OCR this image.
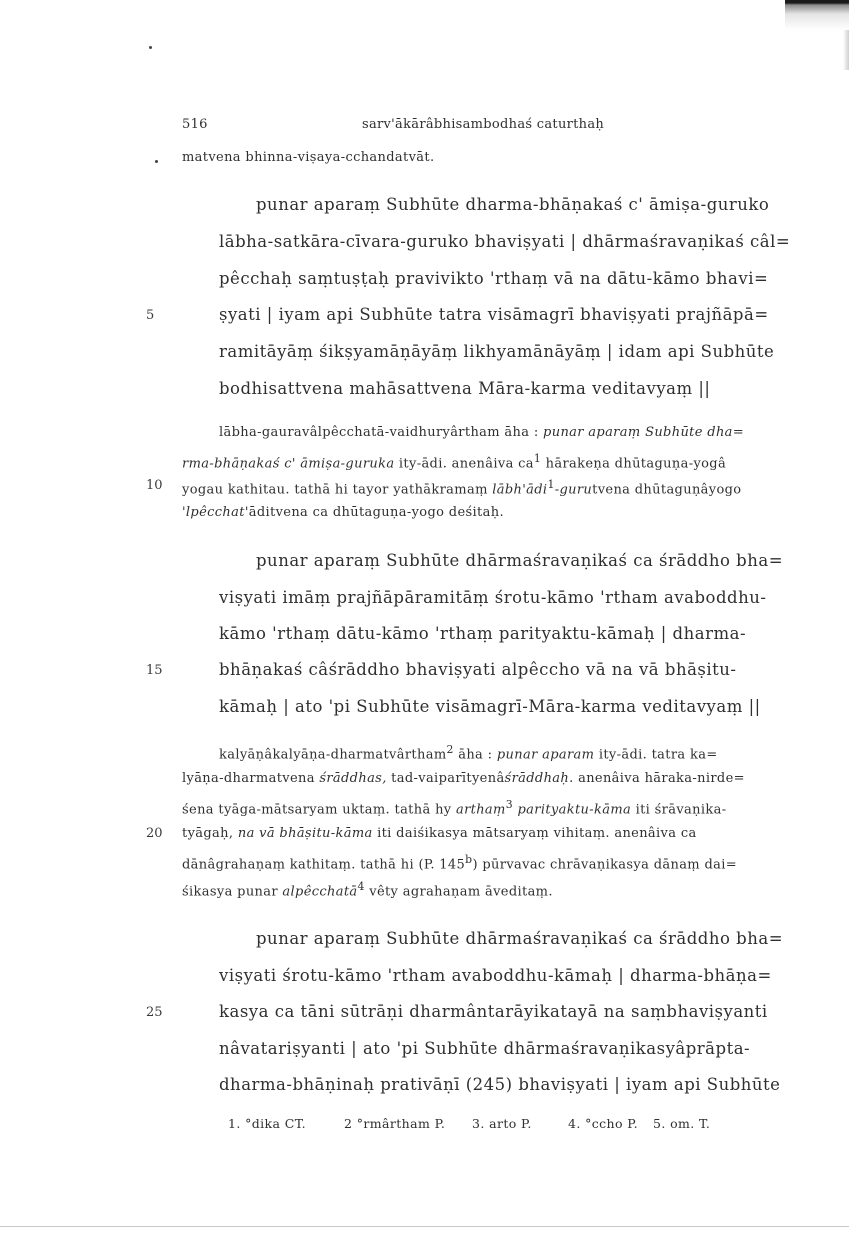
516	sarv'ākārâbhisambodhaś caturthaḥ
matvena bhinna-viṣaya-cchandatvāt.
punar aparaṃ Subhūte dharma-bhāṇakaś c' āmiṣa-guruko
lābha-satkāra-cīvara-guruko bhaviṣyati | dhārmaśravaṇikaś câl=
pêcchaḥ saṃtuṣṭaḥ pravivikto 'rthaṃ vā na dātu-kāmo bhavi=
5	ṣyati | iyam api Subhūte tatra visāmagrī bhaviṣyati prajñāpā=
ramitāyāṃ śikṣyamāṇāyāṃ likhyamānāyāṃ | idam api Subhūte
bodhisattvena mahāsattvena Māra-karma veditavyaṃ ||
lābha-gauravâlpêcchatā-vaidhuryârtham āha : punar aparaṃ Subhūte dha=
rma-bhāṇakaś c' āmiṣa-guruka ity-ādi. anenâiva $ca^1$ hārakeṇa dhūtaguṇa-yogâ
10 yogau kathitau. tathā hi tayor yathākramaṃ lābh'ādi$^1$-gurutvena dhūtaguṇâyogo
'lpêcchat'āditvena ca dhūtaguṇa-yogo deśitaḥ.
punar aparaṃ Subhūte dhārmaśravaṇikaś ca śrāddho bha=
viṣyati imāṃ prajñāpāramitāṃ śrotu-kāmo 'rtham avaboddhu-
kāmo 'rthaṃ dātu-kāmo 'rthaṃ parityaktu-kāmaḥ | dharma-
15	bhāṇakaś câśrāddho bhaviṣyati alpêccho vā na vā bhāṣitu-
kāmaḥ | ato 'pi Subhūte visāmagrī-Māra-karma veditavyaṃ ||
kalyāṇâkalyāṇa-dharmatvârtham$^2$ āha : punar aparam ity-ādi. tatra ka=
lyāṇa-dharmatvena śrāddhas, tad-vaiparītyenâśrāddhaḥ. anenâiva hāraka-nirde=
śena tyāga-mātsaryam uktaṃ. tathā hy arthaṃ$^3$ parityaktu-kāma iti śrāvaṇika-
20 tyāgaḥ, na vā bhāṣitu-kāma iti daiśikasya mātsaryaṃ vihitaṃ. anenâiva ca
dānâgrahaṇaṃ kathitaṃ. tathā hi (P. 145$^b$) pūrvavac chrāvaṇikasya dānaṃ dai=
śikasya punar alpêcchatā$^4$ vêty agrahaṇam āveditaṃ.
punar aparaṃ Subhūte dhārmaśravaṇikaś ca śrāddho bha=
viṣyati śrotu-kāmo 'rtham avaboddhu-kāmaḥ | dharma-bhāṇa=
25	kasya ca tāni sūtrāṇi dharmântarāyikatayā na saṃbhaviṣyanti
nâvatariṣyanti | ato 'pi Subhūte dhārmaśravaṇikasyâprāpta-
dharma-bhāṇinaḥ prativāṇī (245) bhaviṣyati | iyam api Subhūte
1. °dika CT.	2 °rmârtham P. 3. arto P.	4. °ccho P. 5. om. T.
